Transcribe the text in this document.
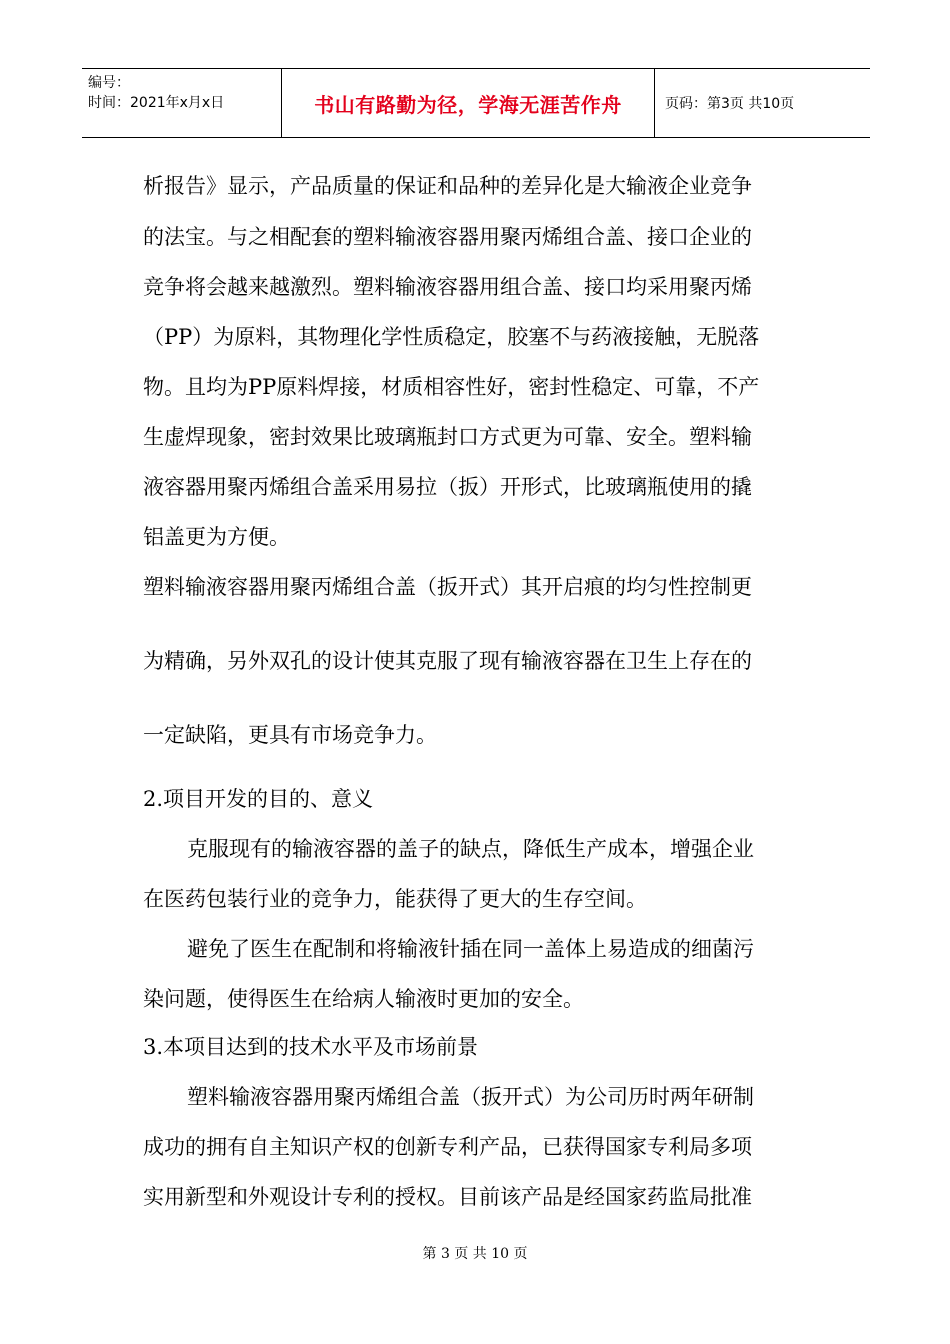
编号：
时间：2021年x月x日	书山有路勤为径，学海无涯苦作舟	页码：第3页 共10页
析报告》显示，产品质量的保证和品种的差异化是大输液企业竞争
的法宝。与之相配套的塑料输液容器用聚丙烯组合盖、接口企业的
竞争将会越来越激烈。塑料输液容器用组合盖、接口均采用聚丙烯
（PP）为原料，其物理化学性质稳定，胶塞不与药液接触，无脱落
物。且均为PP原料焊接，材质相容性好，密封性稳定、可靠，不产
生虚焊现象，密封效果比玻璃瓶封口方式更为可靠、安全。塑料输
液容器用聚丙烯组合盖采用易拉（扳）开形式，比玻璃瓶使用的撬
铝盖更为方便。
塑料输液容器用聚丙烯组合盖（扳开式）其开启痕的均匀性控制更
为精确，另外双孔的设计使其克服了现有输液容器在卫生上存在的
一定缺陷，更具有市场竞争力。
2.项目开发的目的、意义
克服现有的输液容器的盖子的缺点，降低生产成本，增强企业
在医药包装行业的竞争力，能获得了更大的生存空间。
避免了医生在配制和将输液针插在同一盖体上易造成的细菌污
染问题，使得医生在给病人输液时更加的安全。
3.本项目达到的技术水平及市场前景
塑料输液容器用聚丙烯组合盖（扳开式）为公司历时两年研制
成功的拥有自主知识产权的创新专利产品，已获得国家专利局多项
实用新型和外观设计专利的授权。目前该产品是经国家药监局批准
第 3 页 共 10 页
